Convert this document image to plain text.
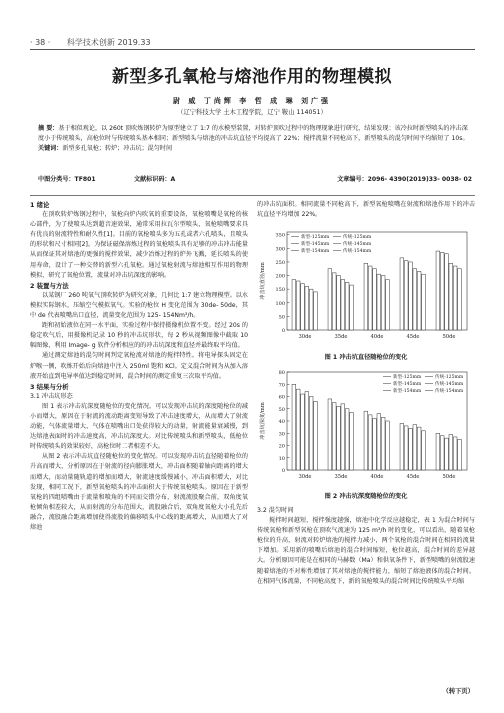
· 38 · 科学技术创新 2019.33
新型多孔氧枪与熔池作用的物理模拟
尉 威 丁尚辉 李 哲 成 琳 刘广强
（辽宁科技大学 土木工程学院，辽宁 鞍山 114051）
摘 要：基于相似观论，以 260t 顶吹炼钢转炉为原型建立了 1:7 的水模型装置，对转炉顶吹过程中的物理现象进行研究，结果发现：该冷拉时新型喷头的冲击深度小于传统喷头，高枪位时与传统喷头基本相同；新型喷头与熔池的冲击坑直径平均提高了 22%；搅拌流量不同枪高下，新型喷头的混匀时间平均缩短了 10s。
关键词：新型多孔氧枪；转炉；冲击坑；混匀时间
中图分类号：TF801	文献标识码：A	文章编号：2096- 4390(2019)33- 0038- 02
1 绪论

在顶吹转炉炼钢过程中，氧枪向炉内吹氧的重要设备，氧枪喷嘴是氧枪的核心部件，为了使喷头达到超音速效果，通常采用拉瓦尔型喷头，氧枪喷嘴要求具有优良的射流特性和耐久性[1]。目前的氧枪喷头多为五孔或者六孔喷头，且喷头的形状和尺寸相同[2]。为保证磁保溶炼过程的氧枪喷头具有足够的冲击冲击能量从而保证其对熔池的更强的搅拌效果，减少冶炼过程的炉外飞溅，延长喷头的使用寿命，设计了一种交替的新型六孔氧枪。通过氧枪射流与熔池相互作用的物理模拟，研究了氧枪位置，流量对冲击坑深度的影响。

2 装置与方法

以某钢厂 260 吨氧气顶吹转炉为研究对象，几何比 1:7 建立物理模型。以水模拟实际钢水，压缩空气模拟氧气。实验的枪位 H 变化范围为 30de- 50de，其中 de 代表喷嘴出口直径，流量变化范围为 125- 154Nm³/h。

距和初始液位在同一水平面，实验过程中保持摄像机位置不变。经过 20s 的稳定吹气后，用摄像机记录 10 秒的冲击坑形状，每 2 秒从视频图像中截取 10 幅图像，利用 Image- g 软件分析相应的的冲击坑深度和直径并最终取平均值。

通过测定熔池的混匀时间判定氧枪流对熔池的搅拌特性。将电导探头固定在炉喉一侧，吹炼开始后向熔池中注入 250ml 饱和 KCl。定义混合时间为从加入溶液开始直到电导率值达到稳定时间，混合时间的测定重复三次取平均值。

3 结果与分析
3.1 冲击坑形态

图 1 表示冲击坑深度随枪位的变化情况。可以发现冲击坑的深度随枪位的减小而增大，原因在于射流的流动距离变短导致了冲击速度增大，从而增大了射流动能，气体流量增大、气体在喷嘴出口处获得较大的动量，射流能量衰减慢，到达熔池表面时的冲击速度高，冲击坑深度大。对比传统喷头和新型喷头，低枪位时传统喷头的效果较好，高枪位时二者相差不大。

从图 2 表示冲击坑直径随枪位的变化情况。可以发现冲击坑直径随着枪位的升高而增大，分析原因在于射流的径向膨胀增大，冲击面积随着轴向距离的增大而增大，而动量随轨道的增加而增大，射流速度缓慢减小，冲击面积增大，对比发现，相同工况下，新型氧枪喷头的冲击面积大于传统氧枪喷头。原因在于新型氧枪的四组喷嘴由于流量和喷角的不同而交错分布，射流流股聚合前，双角度氧枪倾角相差较大，从而射流的分布范围大，流股融合后，双角度氧枪大小孔先后融合，流股融合距离增加使得流股的偏移喷头中心线的距离增大，从而增大了对熔池

的冲击坑面积。相同流量不同枪高下，新型氧枪喷嘴在射流和熔池作用下的冲击坑直径平均增加 22%。

0
50
100
150
200
250
300
350
冲击坑直径/mm
30de	35de	40de	45de	50de
新型-125mm
新型-145mm
新型-154mm
传统-125mm
传统-145mm
传统-154mm
图 1 冲击坑直径随枪位的变化
0
10
20
30
40
50
60
70
80
冲击坑深度/mm
30de	35de	40de	45de	50de
新型-125mm
新型-145mm
新型-154mm
传统-125mm
传统-145mm
传统-154mm
图 2 冲击坑深度随枪位的变化
3.2 混匀时间

搅拌时间越短，搅拌强度越强，熔池中化学反应越稳定，表 1 为混合时间与传统氧枪和新型氧枪在顶吹气流速为 125 m³/h 时的变化，可以看出，随着氧枪枪位的升高，射流对转炉熔池的搅拌力减小，两个氧枪的混合时间在相同的流量下增加。采用新的喷嘴后熔池的混合时间缩短，枪位越高，混合时间的差异越大。分析原因可能是在相同的马赫数（Ma）和供氧条件下，新型喷嘴的射流股速随着熔池的不对称性增加了其对熔池的搅拌能力，缩短了熔池液体的混合时间。在相同气体流量，不同枪高度下，新的氧枪喷头的混合时间比传统喷头平均缩

（转下页）
